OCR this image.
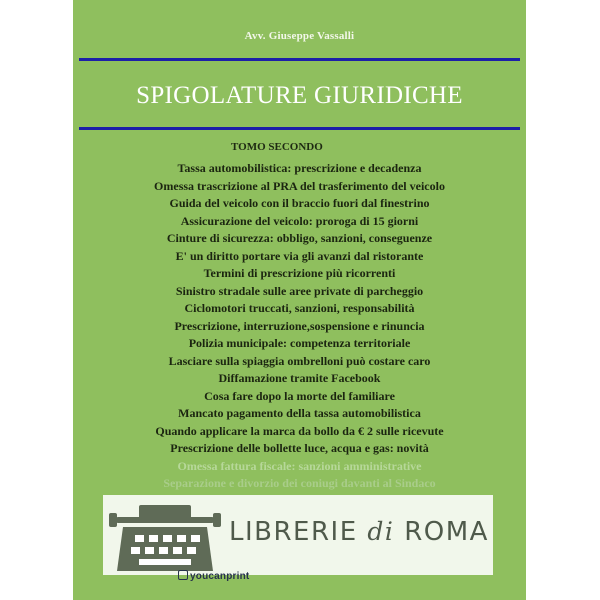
Avv. Giuseppe Vassalli
SPIGOLATURE GIURIDICHE
TOMO SECONDO
Tassa automobilistica: prescrizione e decadenza
Omessa trascrizione al PRA del trasferimento del veicolo
Guida del veicolo con il braccio fuori dal finestrino
Assicurazione del veicolo: proroga di 15 giorni
Cinture di sicurezza: obbligo, sanzioni, conseguenze
E' un diritto portare via gli avanzi dal ristorante
Termini di prescrizione più ricorrenti
Sinistro stradale sulle aree private di parcheggio
Ciclomotori truccati, sanzioni, responsabilità
Prescrizione, interruzione,sospensione e rinuncia
Polizia municipale: competenza territoriale
Lasciare sulla spiaggia ombrelloni può costare caro
Diffamazione tramite Facebook
Cosa fare dopo la morte del familiare
Mancato pagamento della tassa automobilistica
Quando applicare la marca da bollo da € 2 sulle ricevute
Prescrizione delle bollette luce, acqua e gas: novità
Omessa fattura fiscale: sanzioni amministrative
Separazione e divorzio dei coniugi davanti al Sindaco
LIBRERIE di ROMA
youcanprint
